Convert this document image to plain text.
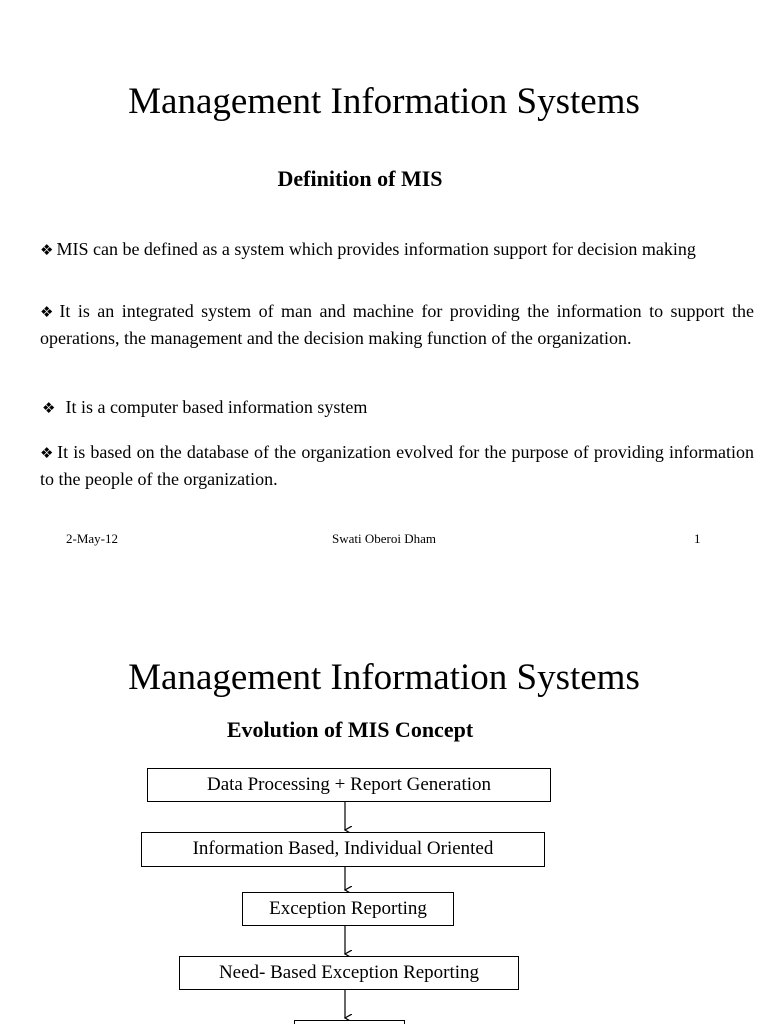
Management Information Systems
Definition of MIS

❖ MIS can be defined as a system which provides information support for decision making

❖ It is an integrated system of man and machine for providing the information to support the operations, the management and the decision making function of the organization.

❖ It is a computer based information system

❖ It is based on the database of the organization evolved for the purpose of providing information to the people of the organization.

2-May-12	Swati Oberoi Dham	1
Management Information Systems
Evolution of MIS Concept
Data Processing + Report Generation
Information Based, Individual Oriented
Exception Reporting
Need- Based Exception Reporting
